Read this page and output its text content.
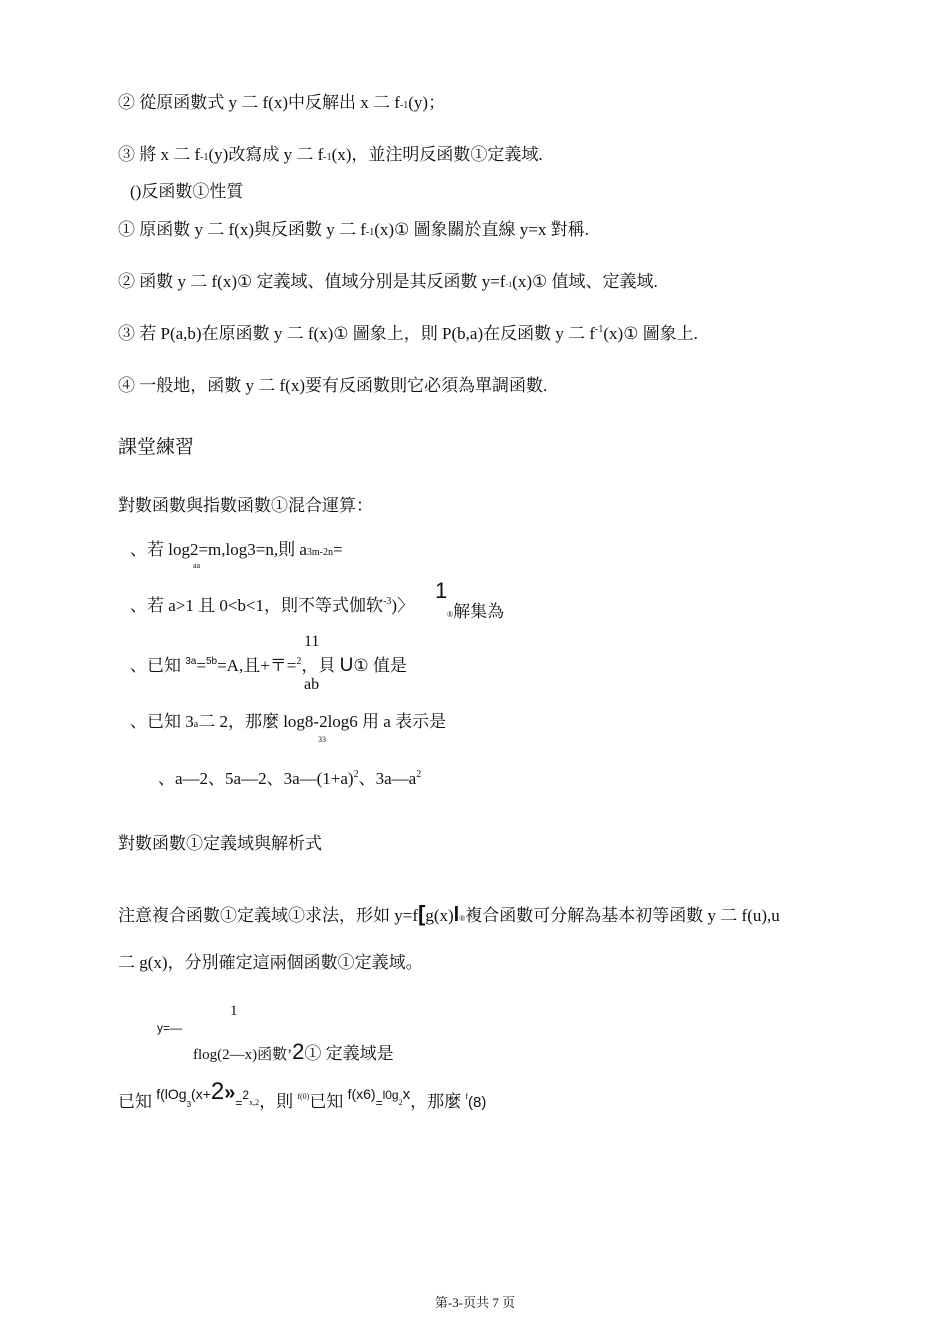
② 從原函數式 y 二 f(x)中反解出 x 二 f-1(y)；
③ 將 x 二 f-1(y)改寫成 y 二 f-1(x)，並注明反函數①定義域.
()反函數①性質
① 原函數 y 二 f(x)與反函數 y 二 f-1(x)① 圖象關於直線 y=x 對稱.
② 函數 y 二 f(x)① 定義域、值域分別是其反函數 y=f-1(x)① 值域、定義域.
③ 若 P(a,b)在原函數 y 二 f(x)① 圖象上，則 P(b,a)在反函數 y 二 $f^{-1}(x)①$ 圖象上.
④ 一般地，函數 y 二 f(x)要有反函數則它必須為單調函數.
課堂練習
對數函數與指數函數①混合運算：
、若 log2=m,log3=n,則 a3m-2n=
aa
、若 a>1 且 0<b<1，則不等式伽软$^{-3}$)〉
1
®解集為
11
、已知 $^{3a}$=$^{5b}$=A,且+〒=$^2$，貝 U① 值是
ab
、已知 3a二 2，那麼 log8-2log6 用 a 表示是
33
、a—2、5a—2、$3a—(1+a)^2$、$3a—a^2$
對數函數①定義域與解析式
注意複合函數①定義域①求法，形如 y=f[g(x)l®複合函數可分解為基本初等函數 y 二 f(u),u
二 g(x)，分別確定這兩個函數①定義域。
1
y=—
flog(2—x)函數’2① 定義域是
已知 $f(lOg_3(x+2»_=2_{x,2}$，則 f(0)已知 $f(x6)_=l0g_2x$，那麼 f(8)
第-3-页共 7 页
